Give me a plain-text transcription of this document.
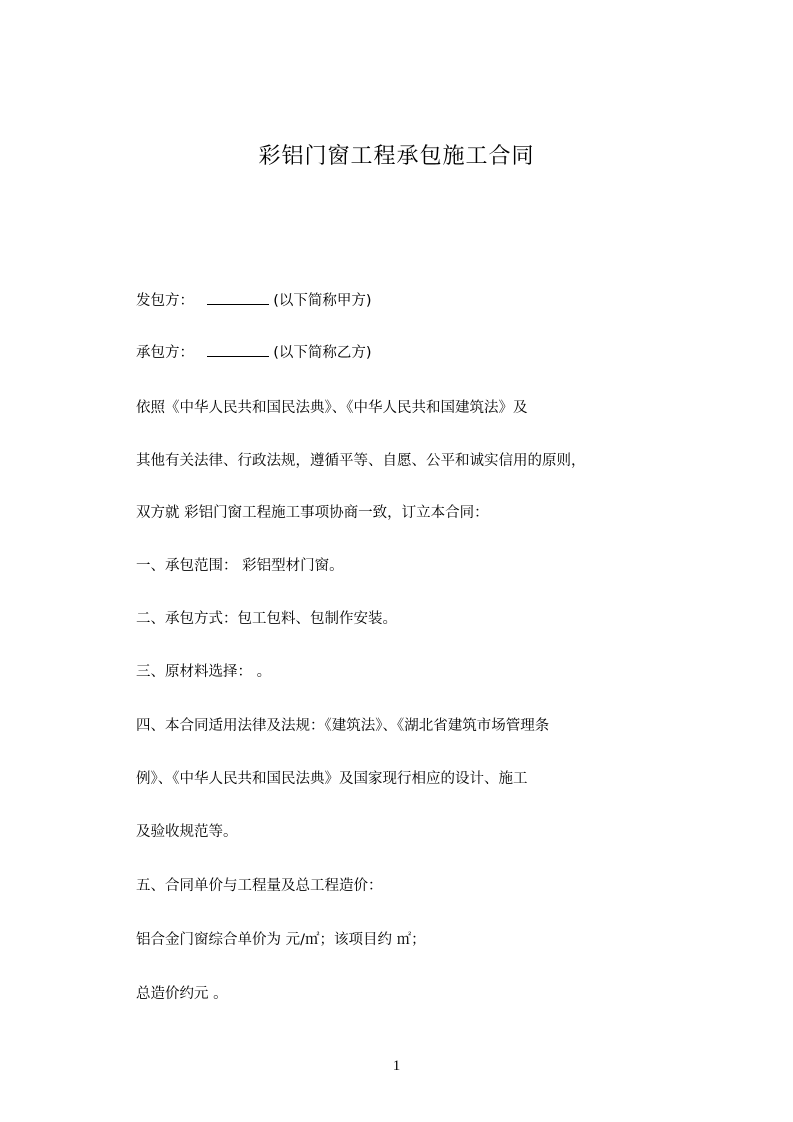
彩铝门窗工程承包施工合同
发包方：	(以下简称甲方)
承包方：	(以下简称乙方)
依照《中华人民共和国民法典》、《中华人民共和国建筑法》及
其他有关法律、行政法规，遵循平等、自愿、公平和诚实信用的原则，
双方就 彩铝门窗工程施工事项协商一致，订立本合同：
一、承包范围： 彩铝型材门窗。
二、承包方式：包工包料、包制作安装。
三、原材料选择： 。
四、本合同适用法律及法规：《建筑法》、《湖北省建筑市场管理条
例》、《中华人民共和国民法典》及国家现行相应的设计、施工
及验收规范等。
五、合同单价与工程量及总工程造价：
铝合金门窗综合单价为 元/㎡；该项目约 ㎡；
总造价约元 。
1
